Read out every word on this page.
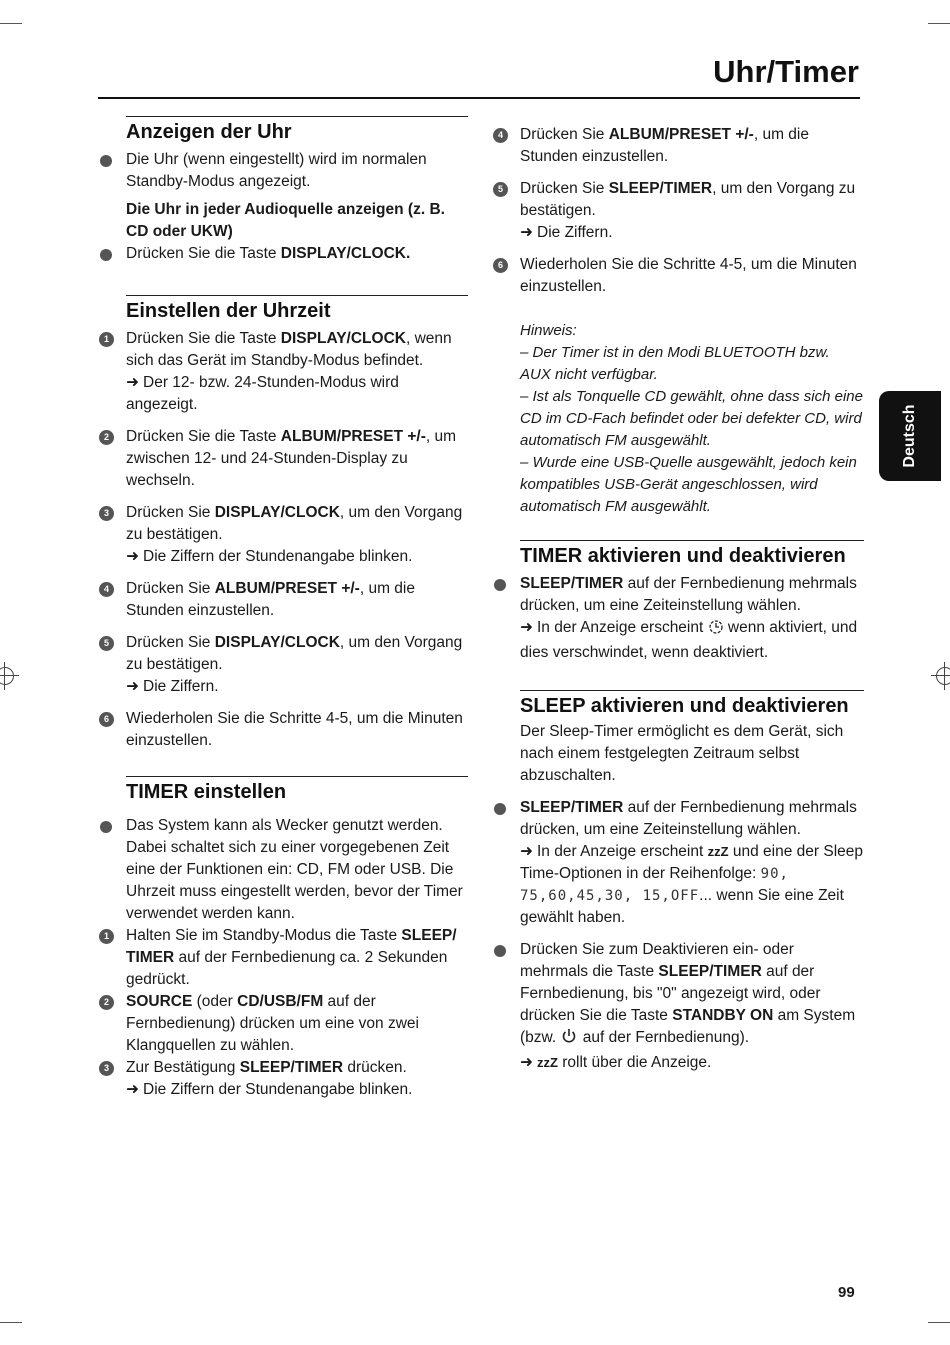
Uhr/Timer
Deutsch
Anzeigen der Uhr
Die Uhr (wenn eingestellt) wird im normalen Standby-Modus angezeigt.
Die Uhr in jeder Audioquelle anzeigen (z. B. CD oder UKW)
Drücken Sie die Taste DISPLAY/CLOCK.
Einstellen der Uhrzeit
1	Drücken Sie die Taste DISPLAY/CLOCK, wenn sich das Gerät im Standby-Modus befindet.
➜ Der 12- bzw. 24-Stunden-Modus wird angezeigt.
2	Drücken Sie die Taste ALBUM/PRESET +/-, um zwischen 12- und 24-Stunden-Display zu wechseln.
3	Drücken Sie DISPLAY/CLOCK, um den Vorgang zu bestätigen.
➜ Die Ziffern der Stundenangabe blinken.
4	Drücken Sie ALBUM/PRESET +/-, um die Stunden einzustellen.
5	Drücken Sie DISPLAY/CLOCK, um den Vorgang zu bestätigen.
➜ Die Ziffern.
6	Wiederholen Sie die Schritte 4-5, um die Minuten einzustellen.
TIMER einstellen
Das System kann als Wecker genutzt werden. Dabei schaltet sich zu einer vorgegebenen Zeit eine der Funktionen ein: CD, FM oder USB. Die Uhrzeit muss eingestellt werden, bevor der Timer verwendet werden kann.
1	Halten Sie im Standby-Modus die Taste SLEEP/ TIMER auf der Fernbedienung ca. 2 Sekunden gedrückt.
2	SOURCE (oder CD/USB/FM auf der Fernbedienung) drücken um eine von zwei Klangquellen zu wählen.
3	Zur Bestätigung SLEEP/TIMER drücken.
➜ Die Ziffern der Stundenangabe blinken.
4	Drücken Sie ALBUM/PRESET +/-, um die Stunden einzustellen.
5	Drücken Sie SLEEP/TIMER, um den Vorgang zu bestätigen.
➜ Die Ziffern.
6	Wiederholen Sie die Schritte 4-5, um die Minuten einzustellen.
Hinweis:
– Der Timer ist in den Modi BLUETOOTH bzw. AUX nicht verfügbar.
– Ist als Tonquelle CD gewählt, ohne dass sich eine CD im CD-Fach befindet oder bei defekter CD, wird automatisch FM ausgewählt.
– Wurde eine USB-Quelle ausgewählt, jedoch kein kompatibles USB-Gerät angeschlossen, wird automatisch FM ausgewählt.
TIMER aktivieren und deaktivieren
SLEEP/TIMER auf der Fernbedienung mehrmals drücken, um eine Zeiteinstellung wählen.
➜ In der Anzeige erscheint  wenn aktiviert, und dies verschwindet, wenn deaktiviert.
SLEEP aktivieren und deaktivieren
Der Sleep-Timer ermöglicht es dem Gerät, sich nach einem festgelegten Zeitraum selbst abzuschalten.
SLEEP/TIMER auf der Fernbedienung mehrmals drücken, um eine Zeiteinstellung wählen.
➜ In der Anzeige erscheint zzZ und eine der Sleep Time-Optionen in der Reihenfolge: 90,
75,60,45,30, 15,OFF... wenn Sie eine Zeit gewählt haben.
Drücken Sie zum Deaktivieren ein- oder mehrmals die Taste SLEEP/TIMER auf der Fernbedienung, bis "0" angezeigt wird, oder drücken Sie die Taste STANDBY ON am System (bzw.  auf der Fernbedienung).
➜ zzZ rollt über die Anzeige.
99
